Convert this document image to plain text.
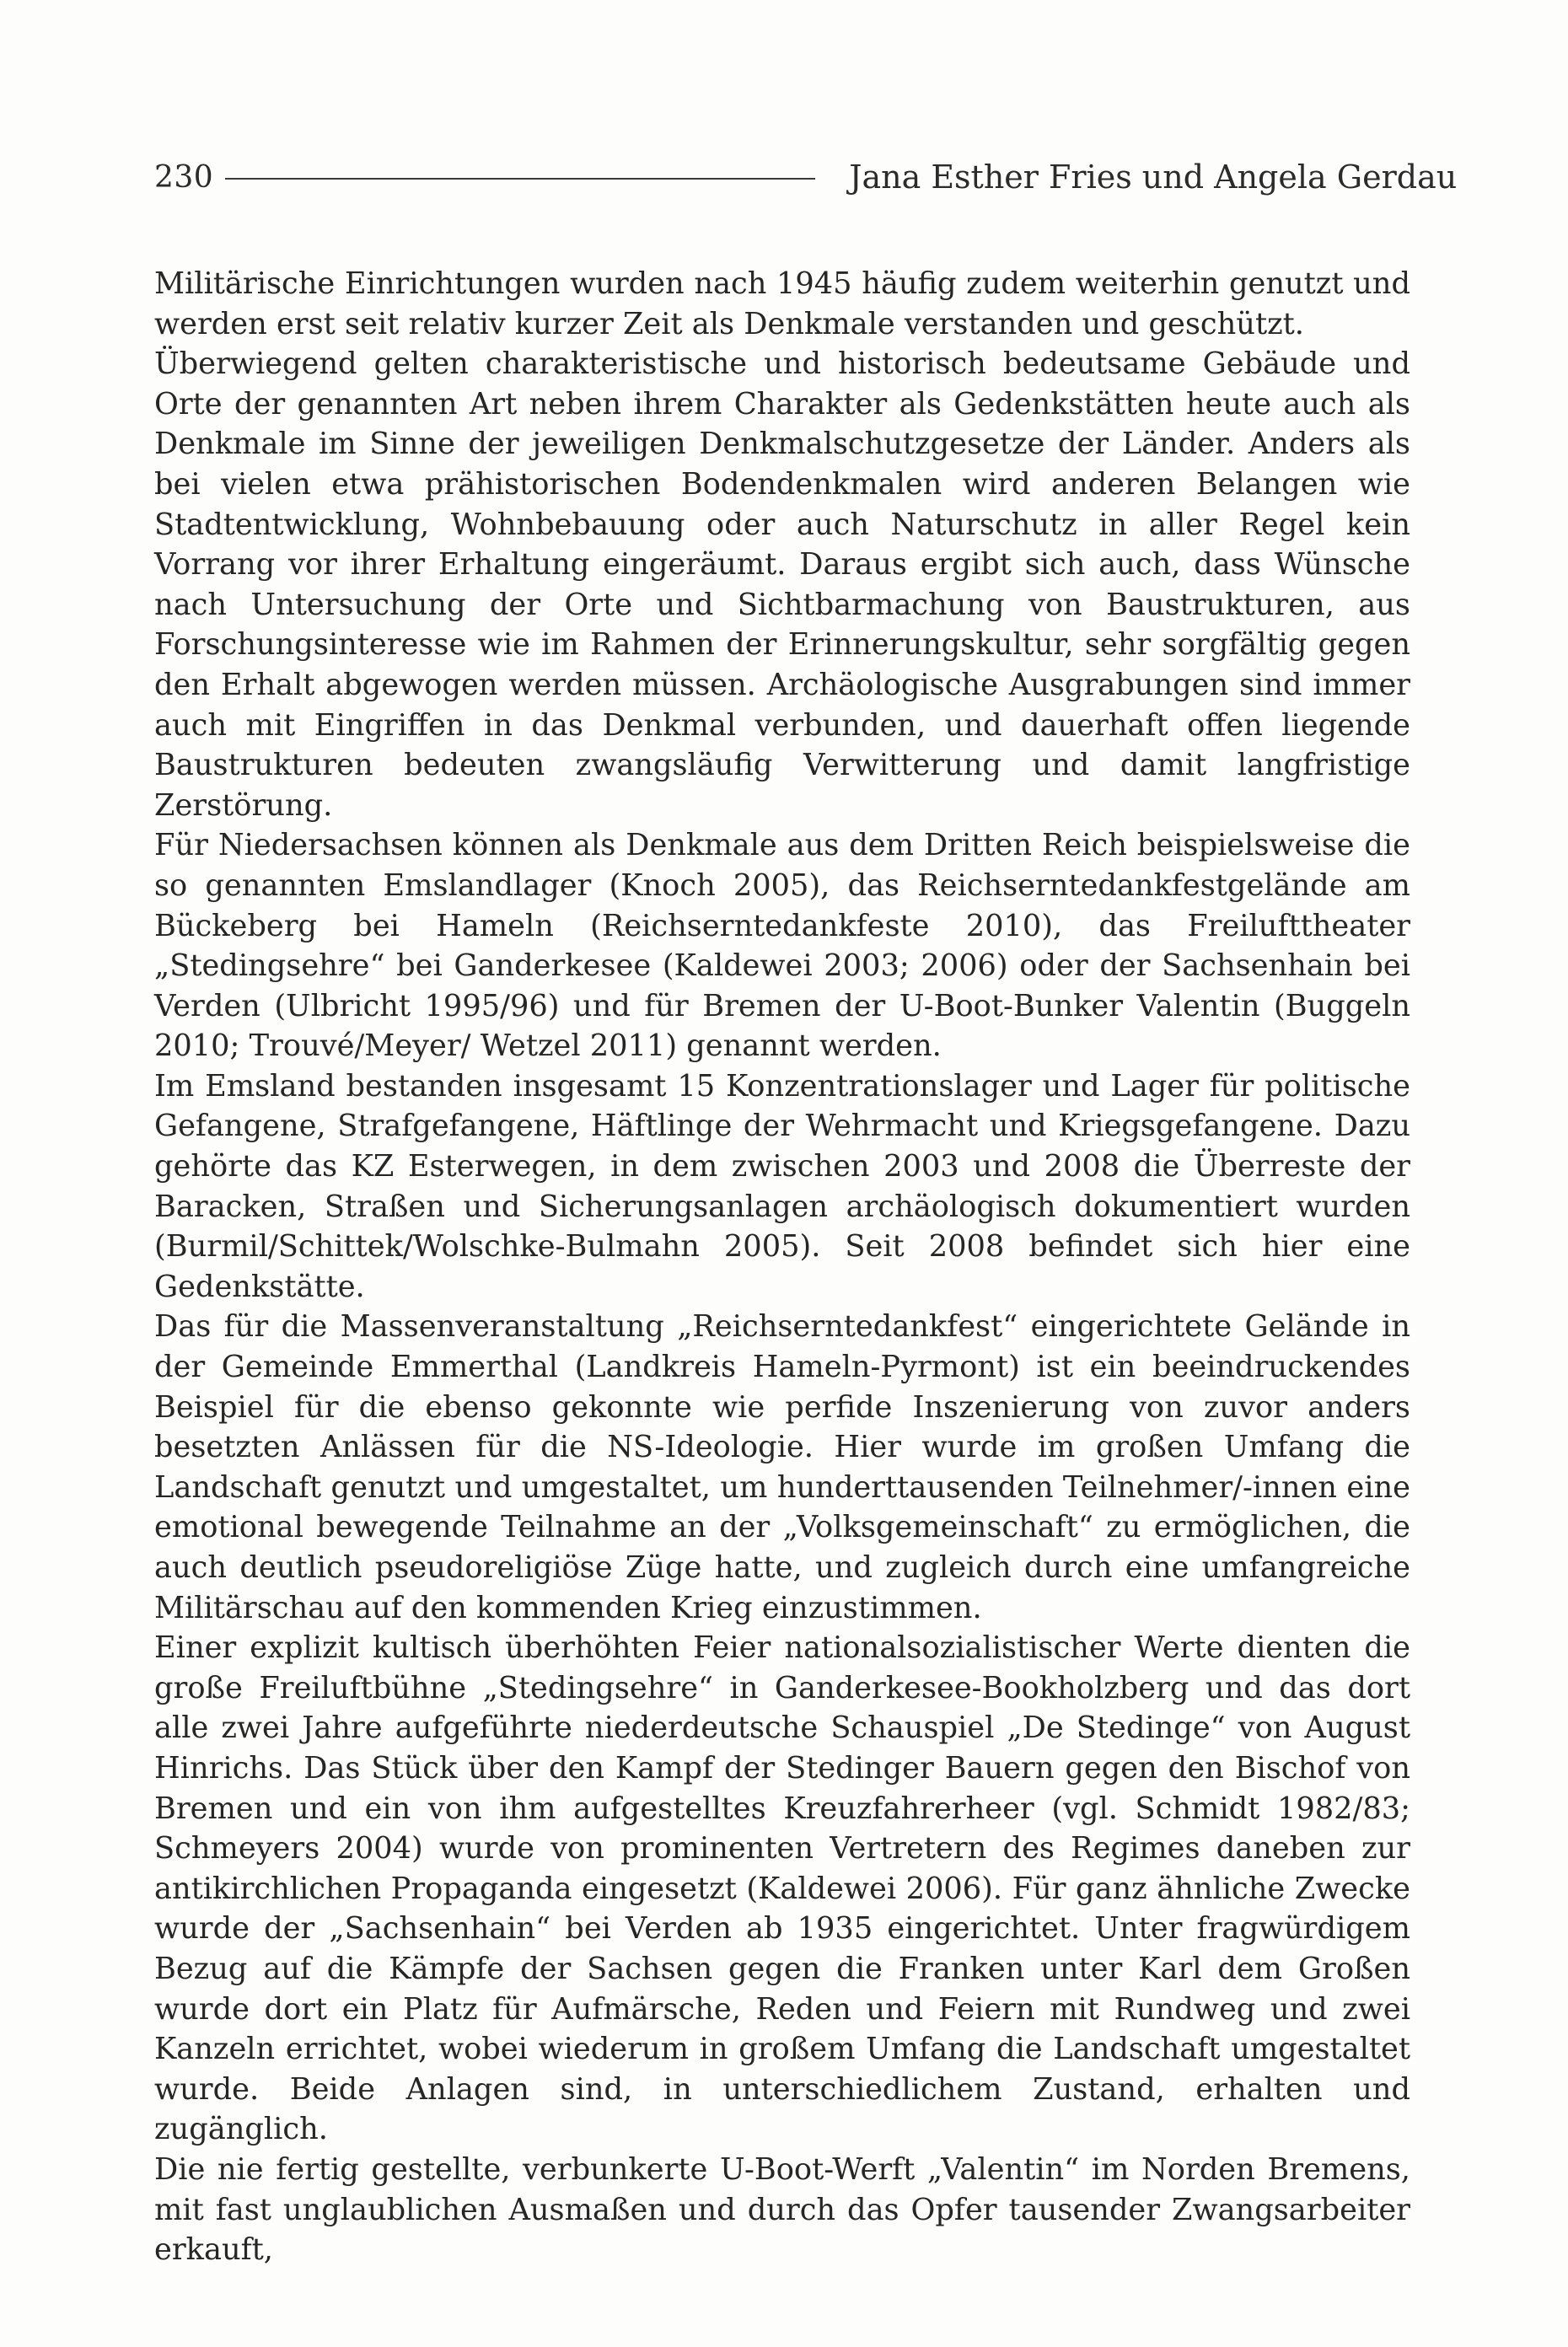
230	Jana Esther Fries und Angela Gerdau

Militärische Einrichtungen wurden nach 1945 häufig zudem weiterhin genutzt und werden erst seit relativ kurzer Zeit als Denkmale verstanden und geschützt.

Überwiegend gelten charakteristische und historisch bedeutsame Gebäude und Orte der genannten Art neben ihrem Charakter als Gedenkstätten heute auch als Denkmale im Sinne der jeweiligen Denkmalschutzgesetze der Länder. Anders als bei vielen etwa prähistorischen Bodendenkmalen wird anderen Belangen wie Stadtentwicklung, Wohnbebauung oder auch Naturschutz in aller Regel kein Vorrang vor ihrer Erhaltung eingeräumt. Daraus ergibt sich auch, dass Wünsche nach Untersuchung der Orte und Sichtbarmachung von Baustrukturen, aus Forschungsinteresse wie im Rahmen der Erinnerungskultur, sehr sorgfältig gegen den Erhalt abgewogen werden müssen. Archäologische Ausgrabungen sind immer auch mit Eingriffen in das Denkmal verbunden, und dauerhaft offen liegende Baustrukturen bedeuten zwangsläufig Verwitterung und damit langfristige Zerstörung.

Für Niedersachsen können als Denkmale aus dem Dritten Reich beispielsweise die so genannten Emslandlager (Knoch 2005), das Reichserntedankfestgelände am Bückeberg bei Hameln (Reichserntedankfeste 2010), das Freilufttheater „Stedingsehre“ bei Ganderkesee (Kaldewei 2003; 2006) oder der Sachsenhain bei Verden (Ulbricht 1995/96) und für Bremen der U-Boot-Bunker Valentin (Buggeln 2010; Trouvé/Meyer/ Wetzel 2011) genannt werden.

Im Emsland bestanden insgesamt 15 Konzentrationslager und Lager für politische Gefangene, Strafgefangene, Häftlinge der Wehrmacht und Kriegsgefangene. Dazu gehörte das KZ Esterwegen, in dem zwischen 2003 und 2008 die Überreste der Baracken, Straßen und Sicherungsanlagen archäologisch dokumentiert wurden (Burmil/Schittek/Wolschke-Bulmahn 2005). Seit 2008 befindet sich hier eine Gedenkstätte.

Das für die Massenveranstaltung „Reichserntedankfest“ eingerichtete Gelände in der Gemeinde Emmerthal (Landkreis Hameln-Pyrmont) ist ein beeindruckendes Beispiel für die ebenso gekonnte wie perfide Inszenierung von zuvor anders besetzten Anlässen für die NS-Ideologie. Hier wurde im großen Umfang die Landschaft genutzt und umgestaltet, um hunderttausenden Teilnehmer/-innen eine emotional bewegende Teilnahme an der „Volksgemeinschaft“ zu ermöglichen, die auch deutlich pseudoreligiöse Züge hatte, und zugleich durch eine umfangreiche Militärschau auf den kommenden Krieg einzustimmen.

Einer explizit kultisch überhöhten Feier nationalsozialistischer Werte dienten die große Freiluftbühne „Stedingsehre“ in Ganderkesee-Bookholzberg und das dort alle zwei Jahre aufgeführte niederdeutsche Schauspiel „De Stedinge“ von August Hinrichs. Das Stück über den Kampf der Stedinger Bauern gegen den Bischof von Bremen und ein von ihm aufgestelltes Kreuzfahrerheer (vgl. Schmidt 1982/83; Schmeyers 2004) wurde von prominenten Vertretern des Regimes daneben zur antikirchlichen Propaganda eingesetzt (Kaldewei 2006). Für ganz ähnliche Zwecke wurde der „Sachsenhain“ bei Verden ab 1935 eingerichtet. Unter fragwürdigem Bezug auf die Kämpfe der Sachsen gegen die Franken unter Karl dem Großen wurde dort ein Platz für Aufmärsche, Reden und Feiern mit Rundweg und zwei Kanzeln errichtet, wobei wiederum in großem Umfang die Landschaft umgestaltet wurde. Beide Anlagen sind, in unterschiedlichem Zustand, erhalten und zugänglich.

Die nie fertig gestellte, verbunkerte U-Boot-Werft „Valentin“ im Norden Bremens, mit fast unglaublichen Ausmaßen und durch das Opfer tausender Zwangsarbeiter erkauft,
